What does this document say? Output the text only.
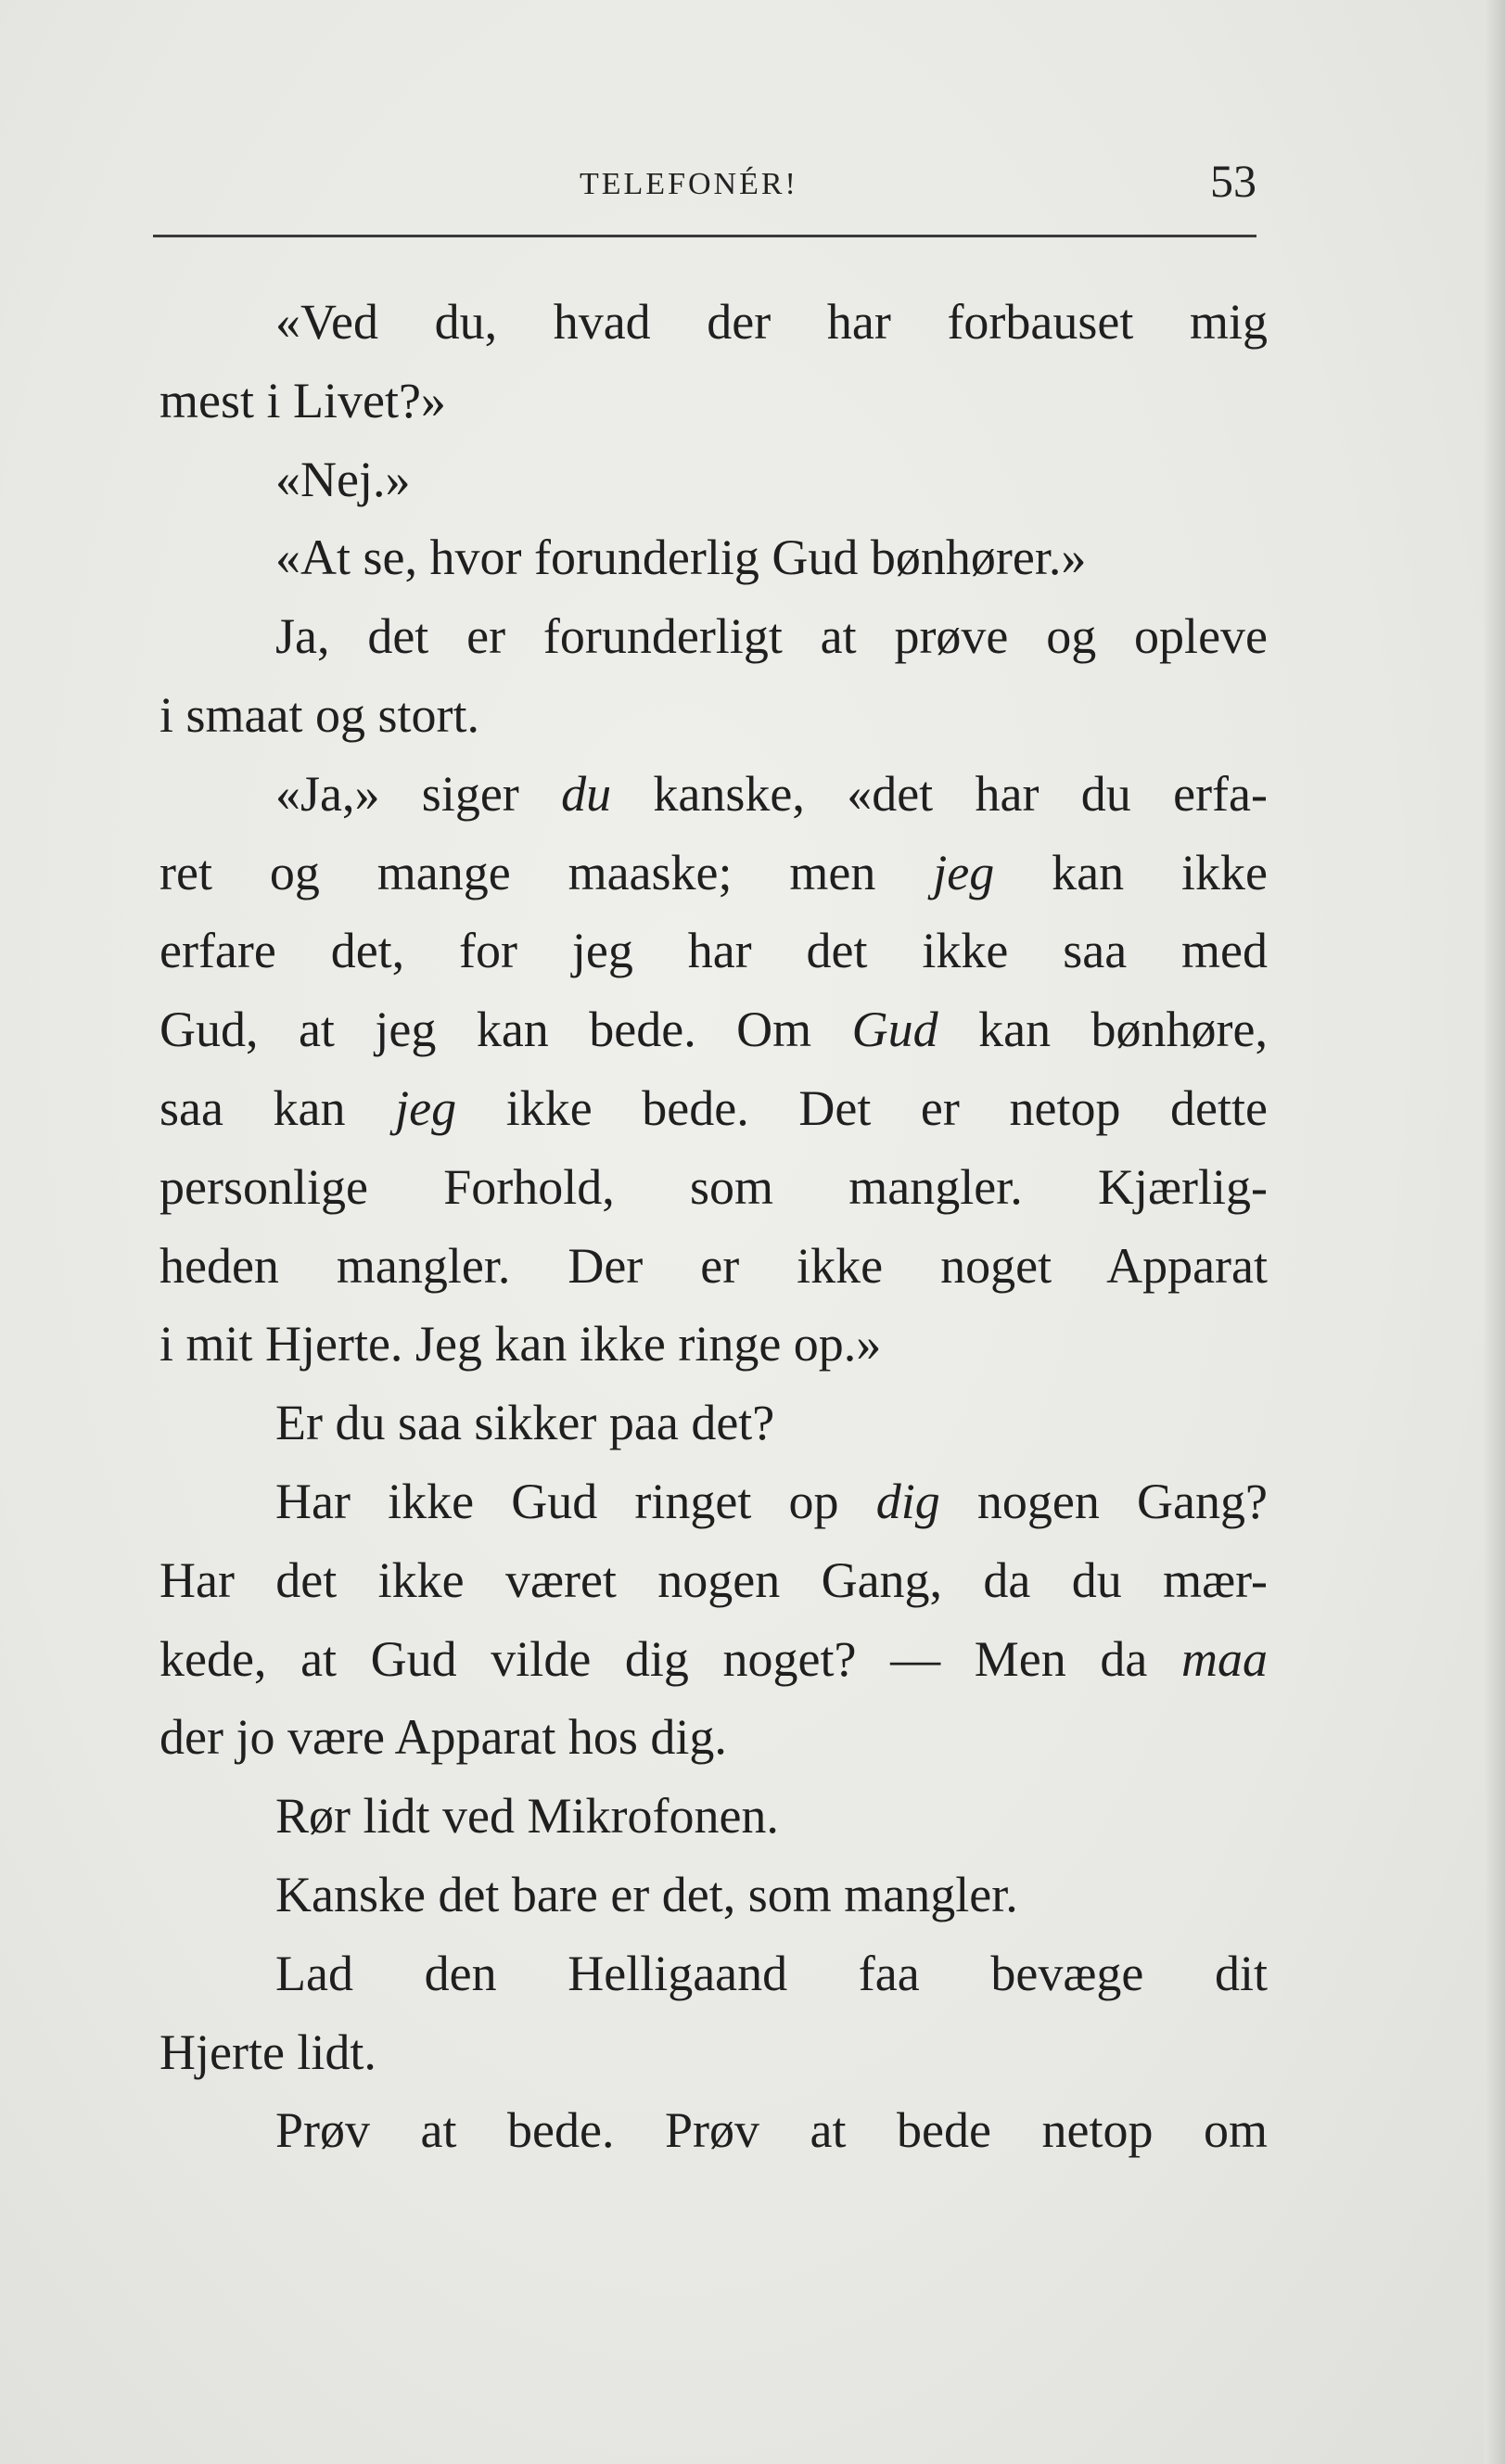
TELEFONÉR!	53
«Ved du, hvad der har forbauset mig
mest i Livet?»
«Nej.»
«At se, hvor forunderlig Gud bønhører.»
Ja, det er forunderligt at prøve og opleve
i smaat og stort.
«Ja,» siger du kanske, «det har du erfa-
ret og mange maaske; men jeg kan ikke
erfare det, for jeg har det ikke saa med
Gud, at jeg kan bede. Om Gud kan bønhøre,
saa kan jeg ikke bede. Det er netop dette
personlige Forhold, som mangler. Kjærlig-
heden mangler. Der er ikke noget Apparat
i mit Hjerte. Jeg kan ikke ringe op.»
Er du saa sikker paa det?
Har ikke Gud ringet op dig nogen Gang?
Har det ikke været nogen Gang, da du mær-
kede, at Gud vilde dig noget? — Men da maa
der jo være Apparat hos dig.
Rør lidt ved Mikrofonen.
Kanske det bare er det, som mangler.
Lad den Helligaand faa bevæge dit
Hjerte lidt.
Prøv at bede. Prøv at bede netop om
